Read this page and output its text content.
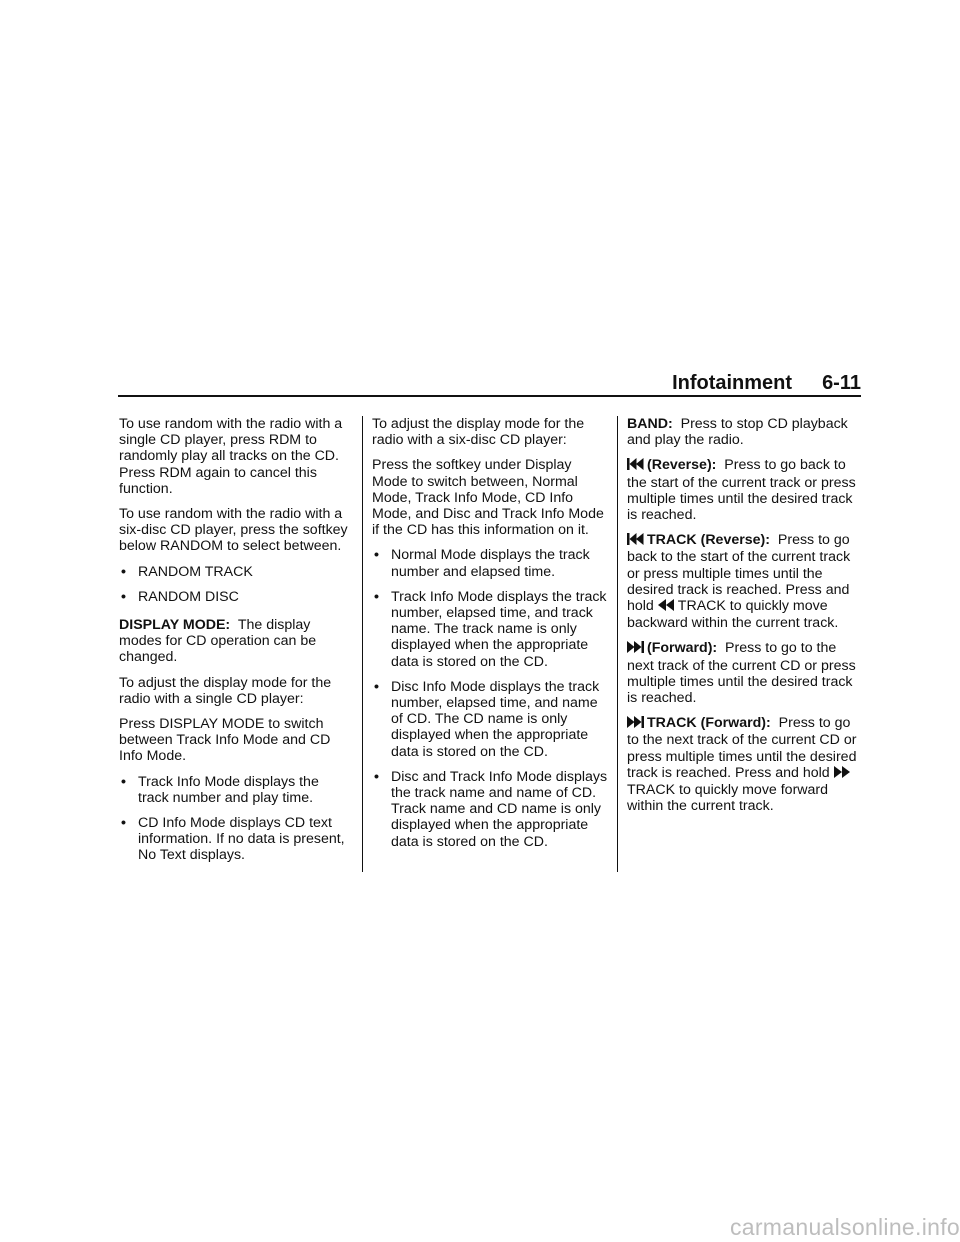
Infotainment 6-11

To use random with the radio with a single CD player, press RDM to randomly play all tracks on the CD. Press RDM again to cancel this function.

To use random with the radio with a six-disc CD player, press the softkey below RANDOM to select between.

• RANDOM TRACK
• RANDOM DISC

DISPLAY MODE: The display modes for CD operation can be changed.

To adjust the display mode for the radio with a single CD player:

Press DISPLAY MODE to switch between Track Info Mode and CD Info Mode.

• Track Info Mode displays the track number and play time.
• CD Info Mode displays CD text information. If no data is present, No Text displays.

To adjust the display mode for the radio with a six-disc CD player:

Press the softkey under Display Mode to switch between, Normal Mode, Track Info Mode, CD Info Mode, and Disc and Track Info Mode if the CD has this information on it.

• Normal Mode displays the track number and elapsed time.
• Track Info Mode displays the track number, elapsed time, and track name. The track name is only displayed when the appropriate data is stored on the CD.
• Disc Info Mode displays the track number, elapsed time, and name of CD. The CD name is only displayed when the appropriate data is stored on the CD.
• Disc and Track Info Mode displays the track name and name of CD. Track name and CD name is only displayed when the appropriate data is stored on the CD.

BAND: Press to stop CD playback and play the radio.

(Reverse): Press to go back to the start of the current track or press multiple times until the desired track is reached.

TRACK (Reverse): Press to go back to the start of the current track or press multiple times until the desired track is reached. Press and hold TRACK to quickly move backward within the current track.

(Forward): Press to go to the next track of the current CD or press multiple times until the desired track is reached.

TRACK (Forward): Press to go to the next track of the current CD or press multiple times until the desired track is reached. Press and hold TRACK to quickly move forward within the current track.

carmanualsonline.info
